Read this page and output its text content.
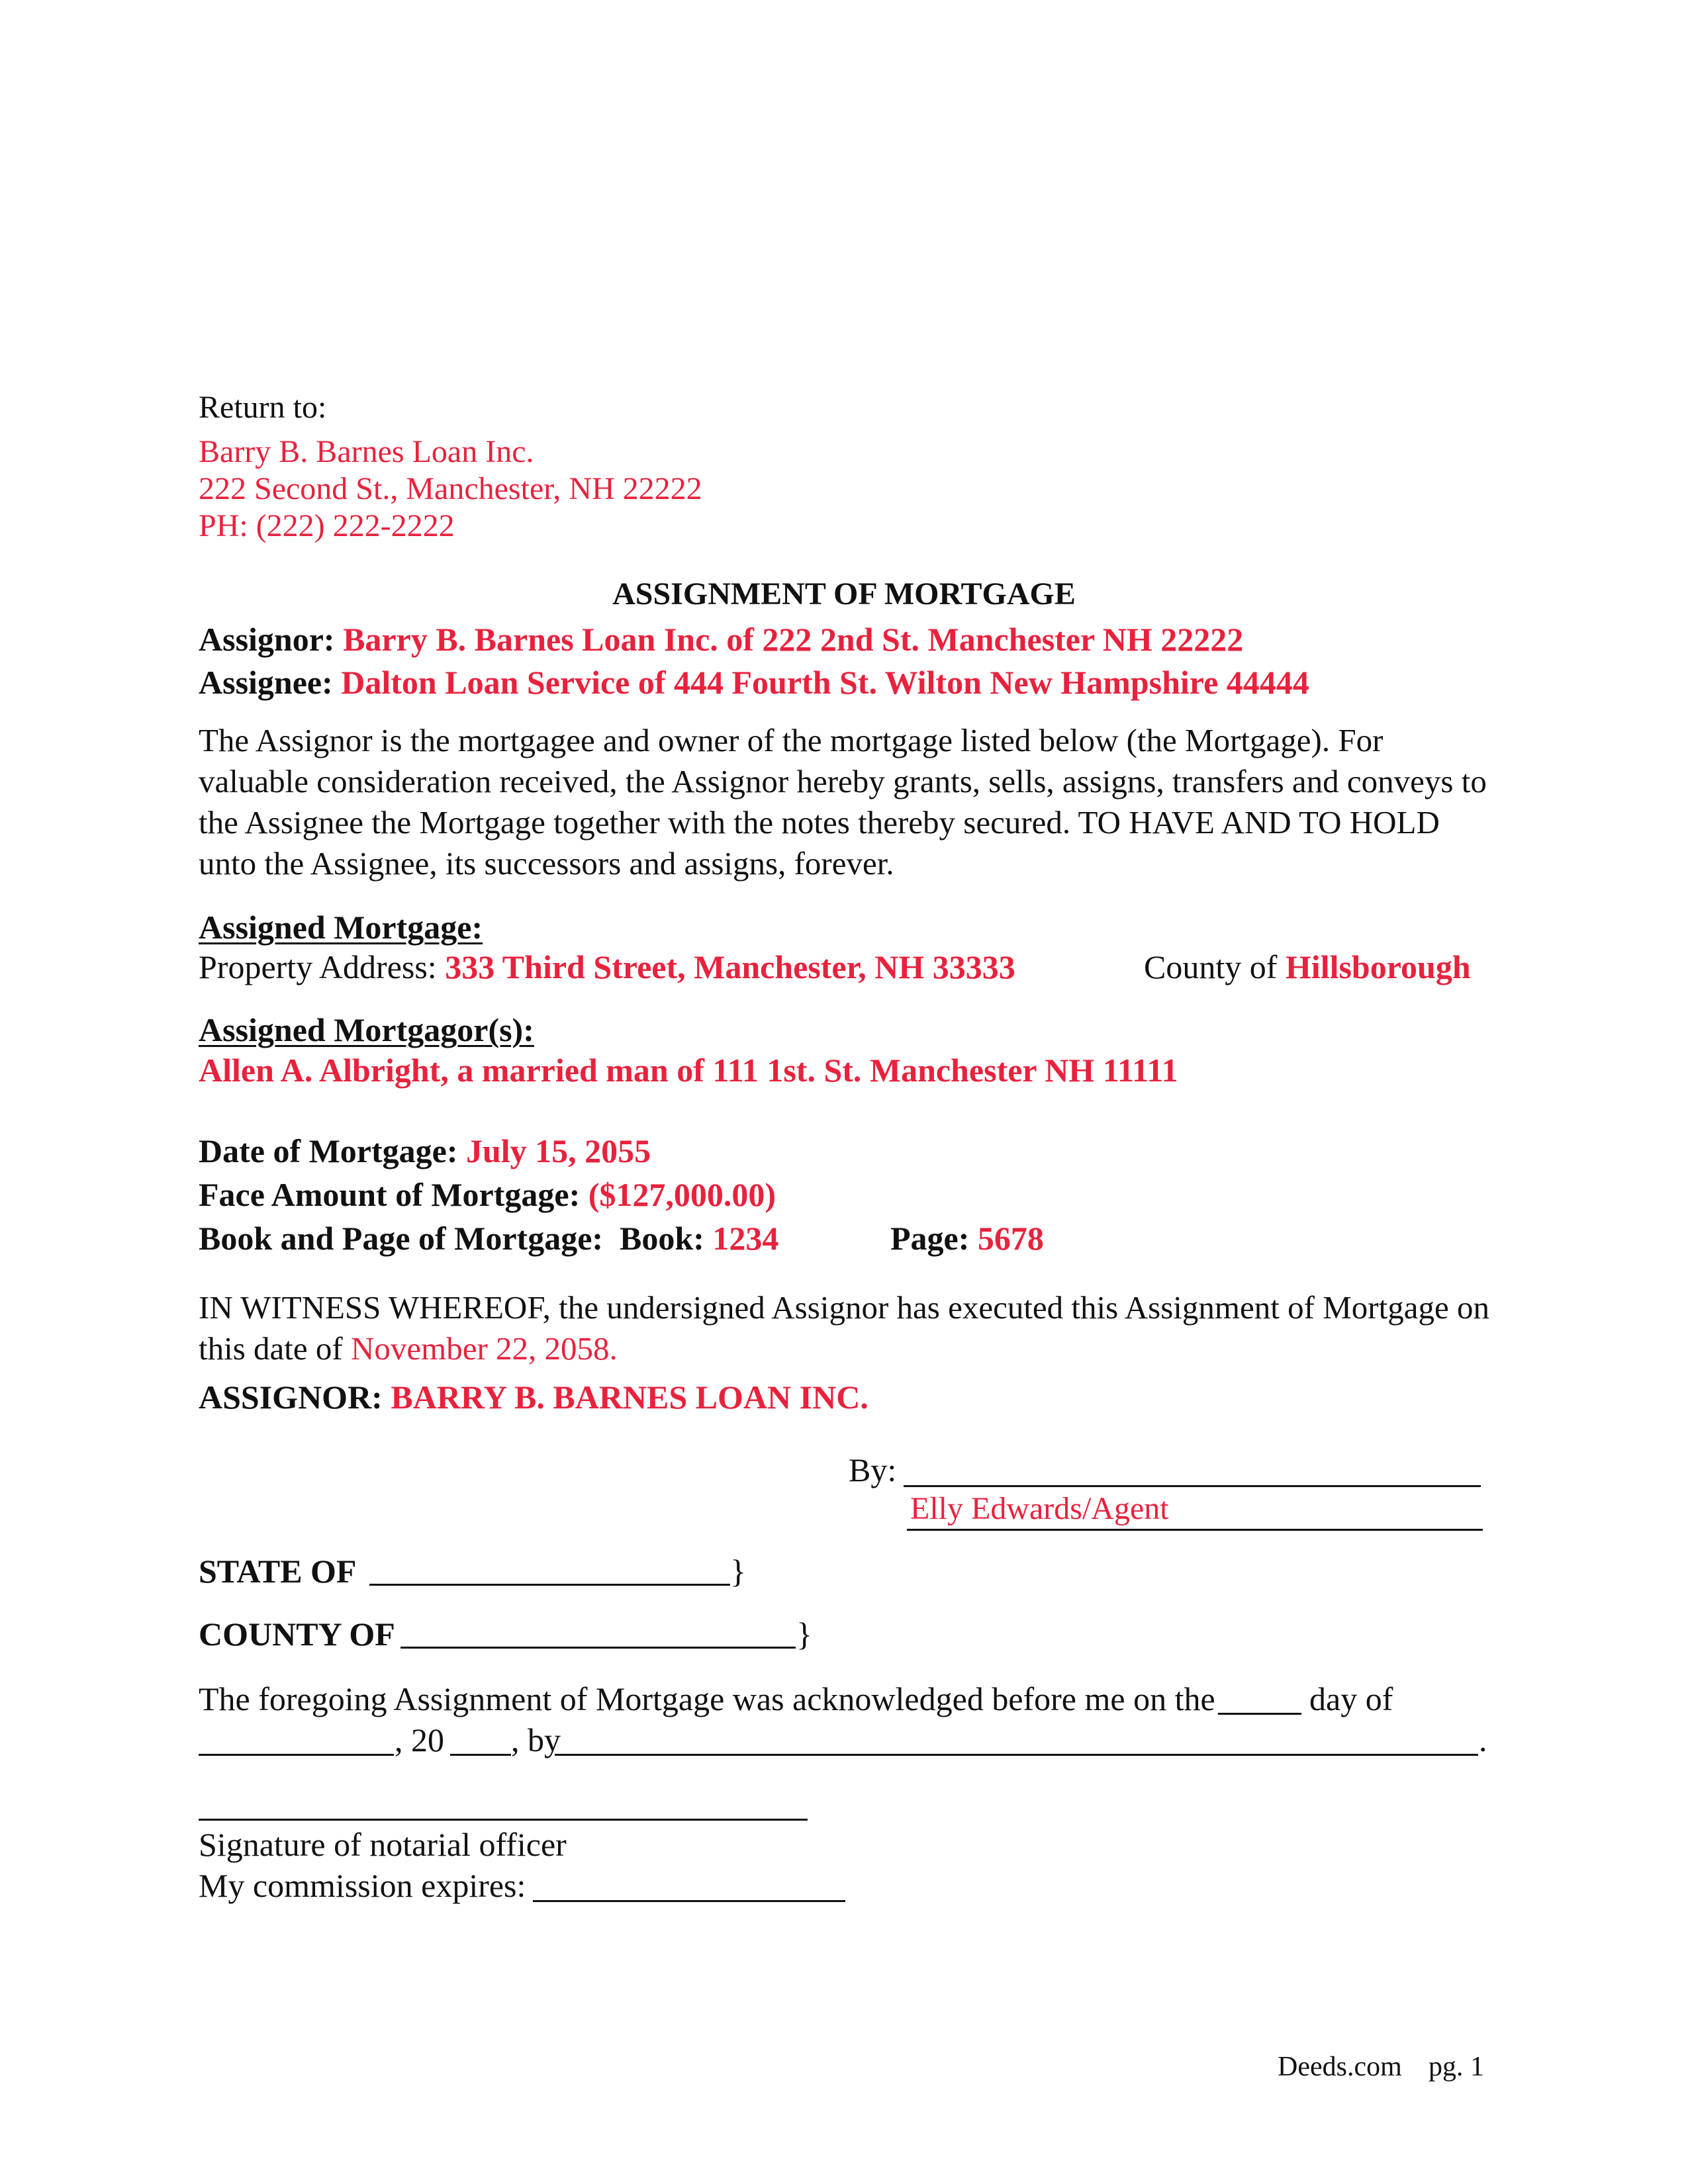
Return to:
Barry B. Barnes Loan Inc.
222 Second St., Manchester, NH 22222
PH: (222) 222-2222
ASSIGNMENT OF MORTGAGE
Assignor: Barry B. Barnes Loan Inc. of 222 2nd St. Manchester NH 22222
Assignee: Dalton Loan Service of 444 Fourth St. Wilton New Hampshire 44444
The Assignor is the mortgagee and owner of the mortgage listed below (the Mortgage). For valuable consideration received, the Assignor hereby grants, sells, assigns, transfers and conveys to the Assignee the Mortgage together with the notes thereby secured. TO HAVE AND TO HOLD unto the Assignee, its successors and assigns, forever.
Assigned Mortgage:
Property Address: 333 Third Street, Manchester, NH 33333	County of Hillsborough
Assigned Mortgagor(s):
Allen A. Albright, a married man of 111 1st. St. Manchester NH 11111
Date of Mortgage: July 15, 2055
Face Amount of Mortgage: ($127,000.00)
Book and Page of Mortgage: Book: 1234	Page: 5678
IN WITNESS WHEREOF, the undersigned Assignor has executed this Assignment of Mortgage on this date of November 22, 2058.
ASSIGNOR: BARRY B. BARNES LOAN INC.
By:
Elly Edwards/Agent
STATE OF	}
COUNTY OF	}
The foregoing Assignment of Mortgage was acknowledged before me on the	day of
, 20 , by	.
Signature of notarial officer
My commission expires:
Deeds.com pg. 1
